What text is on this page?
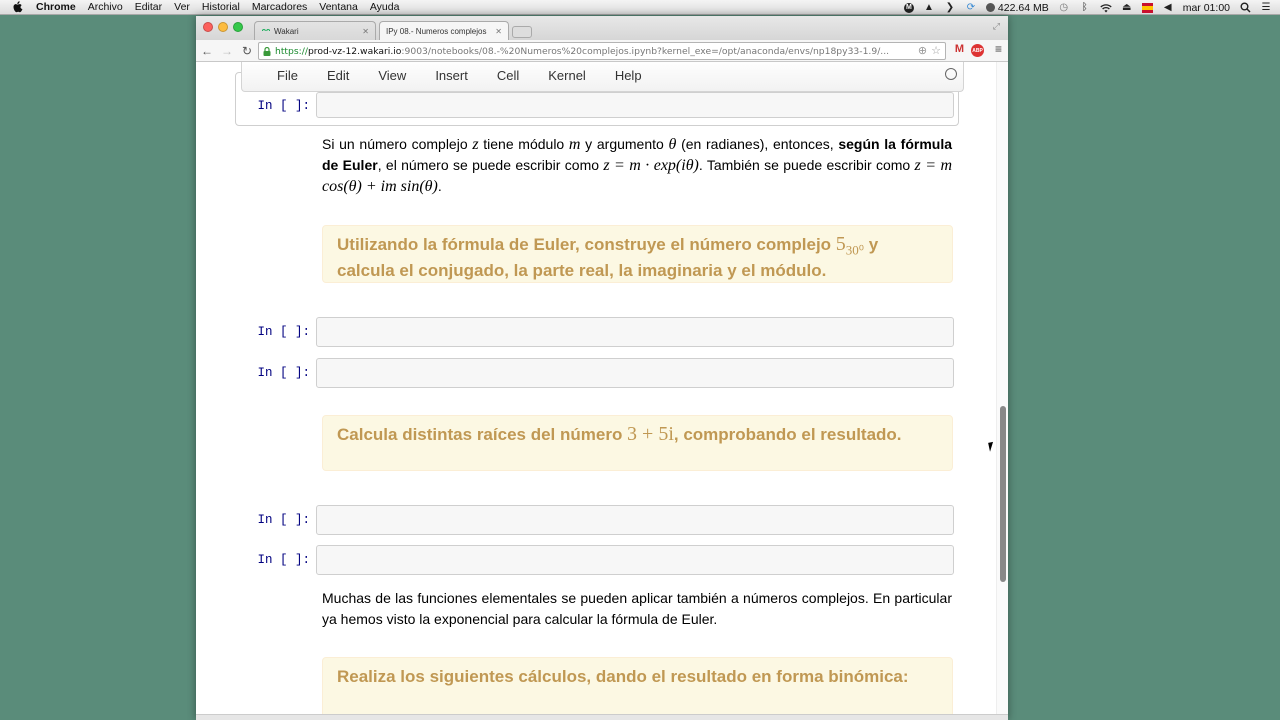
Chrome Archivo Editar Ver Historial Marcadores Ventana Ayuda	M ▲ ❯ ⟳ 422.64 MB ◷	ᛒ	⏏	◀ mar 01:00	☰
ᴖᴖ Wakari	✕ IPy 08.- Numeros complejos ✕	⤢
← → ↻	https://prod-vz-12.wakari.io:9003/notebooks/08.-%20Numeros%20complejos.ipynb?kernel_exe=/opt/anaconda/envs/np18py33-1.9/...	⊕ ☆ M ABP ≡
File Edit View Insert Cell Kernel Help
In [ ]:
Si un número complejo z tiene módulo m y argumento θ (en radianes), entonces, según la fórmula de Euler, el número se puede escribir como z = m · exp(iθ). También se puede escribir como z = m cos(θ) + im sin(θ).
Utilizando la fórmula de Euler, construye el número complejo $5_{30^0}$ y calcula el conjugado, la parte real, la imaginaria y el módulo.
In [ ]:
In [ ]:
Calcula distintas raíces del número 3 + 5i, comprobando el resultado.
In [ ]:
In [ ]:
Muchas de las funciones elementales se pueden aplicar también a números complejos. En particular ya hemos visto la exponencial para calcular la fórmula de Euler.
Realiza los siguientes cálculos, dando el resultado en forma binómica:
